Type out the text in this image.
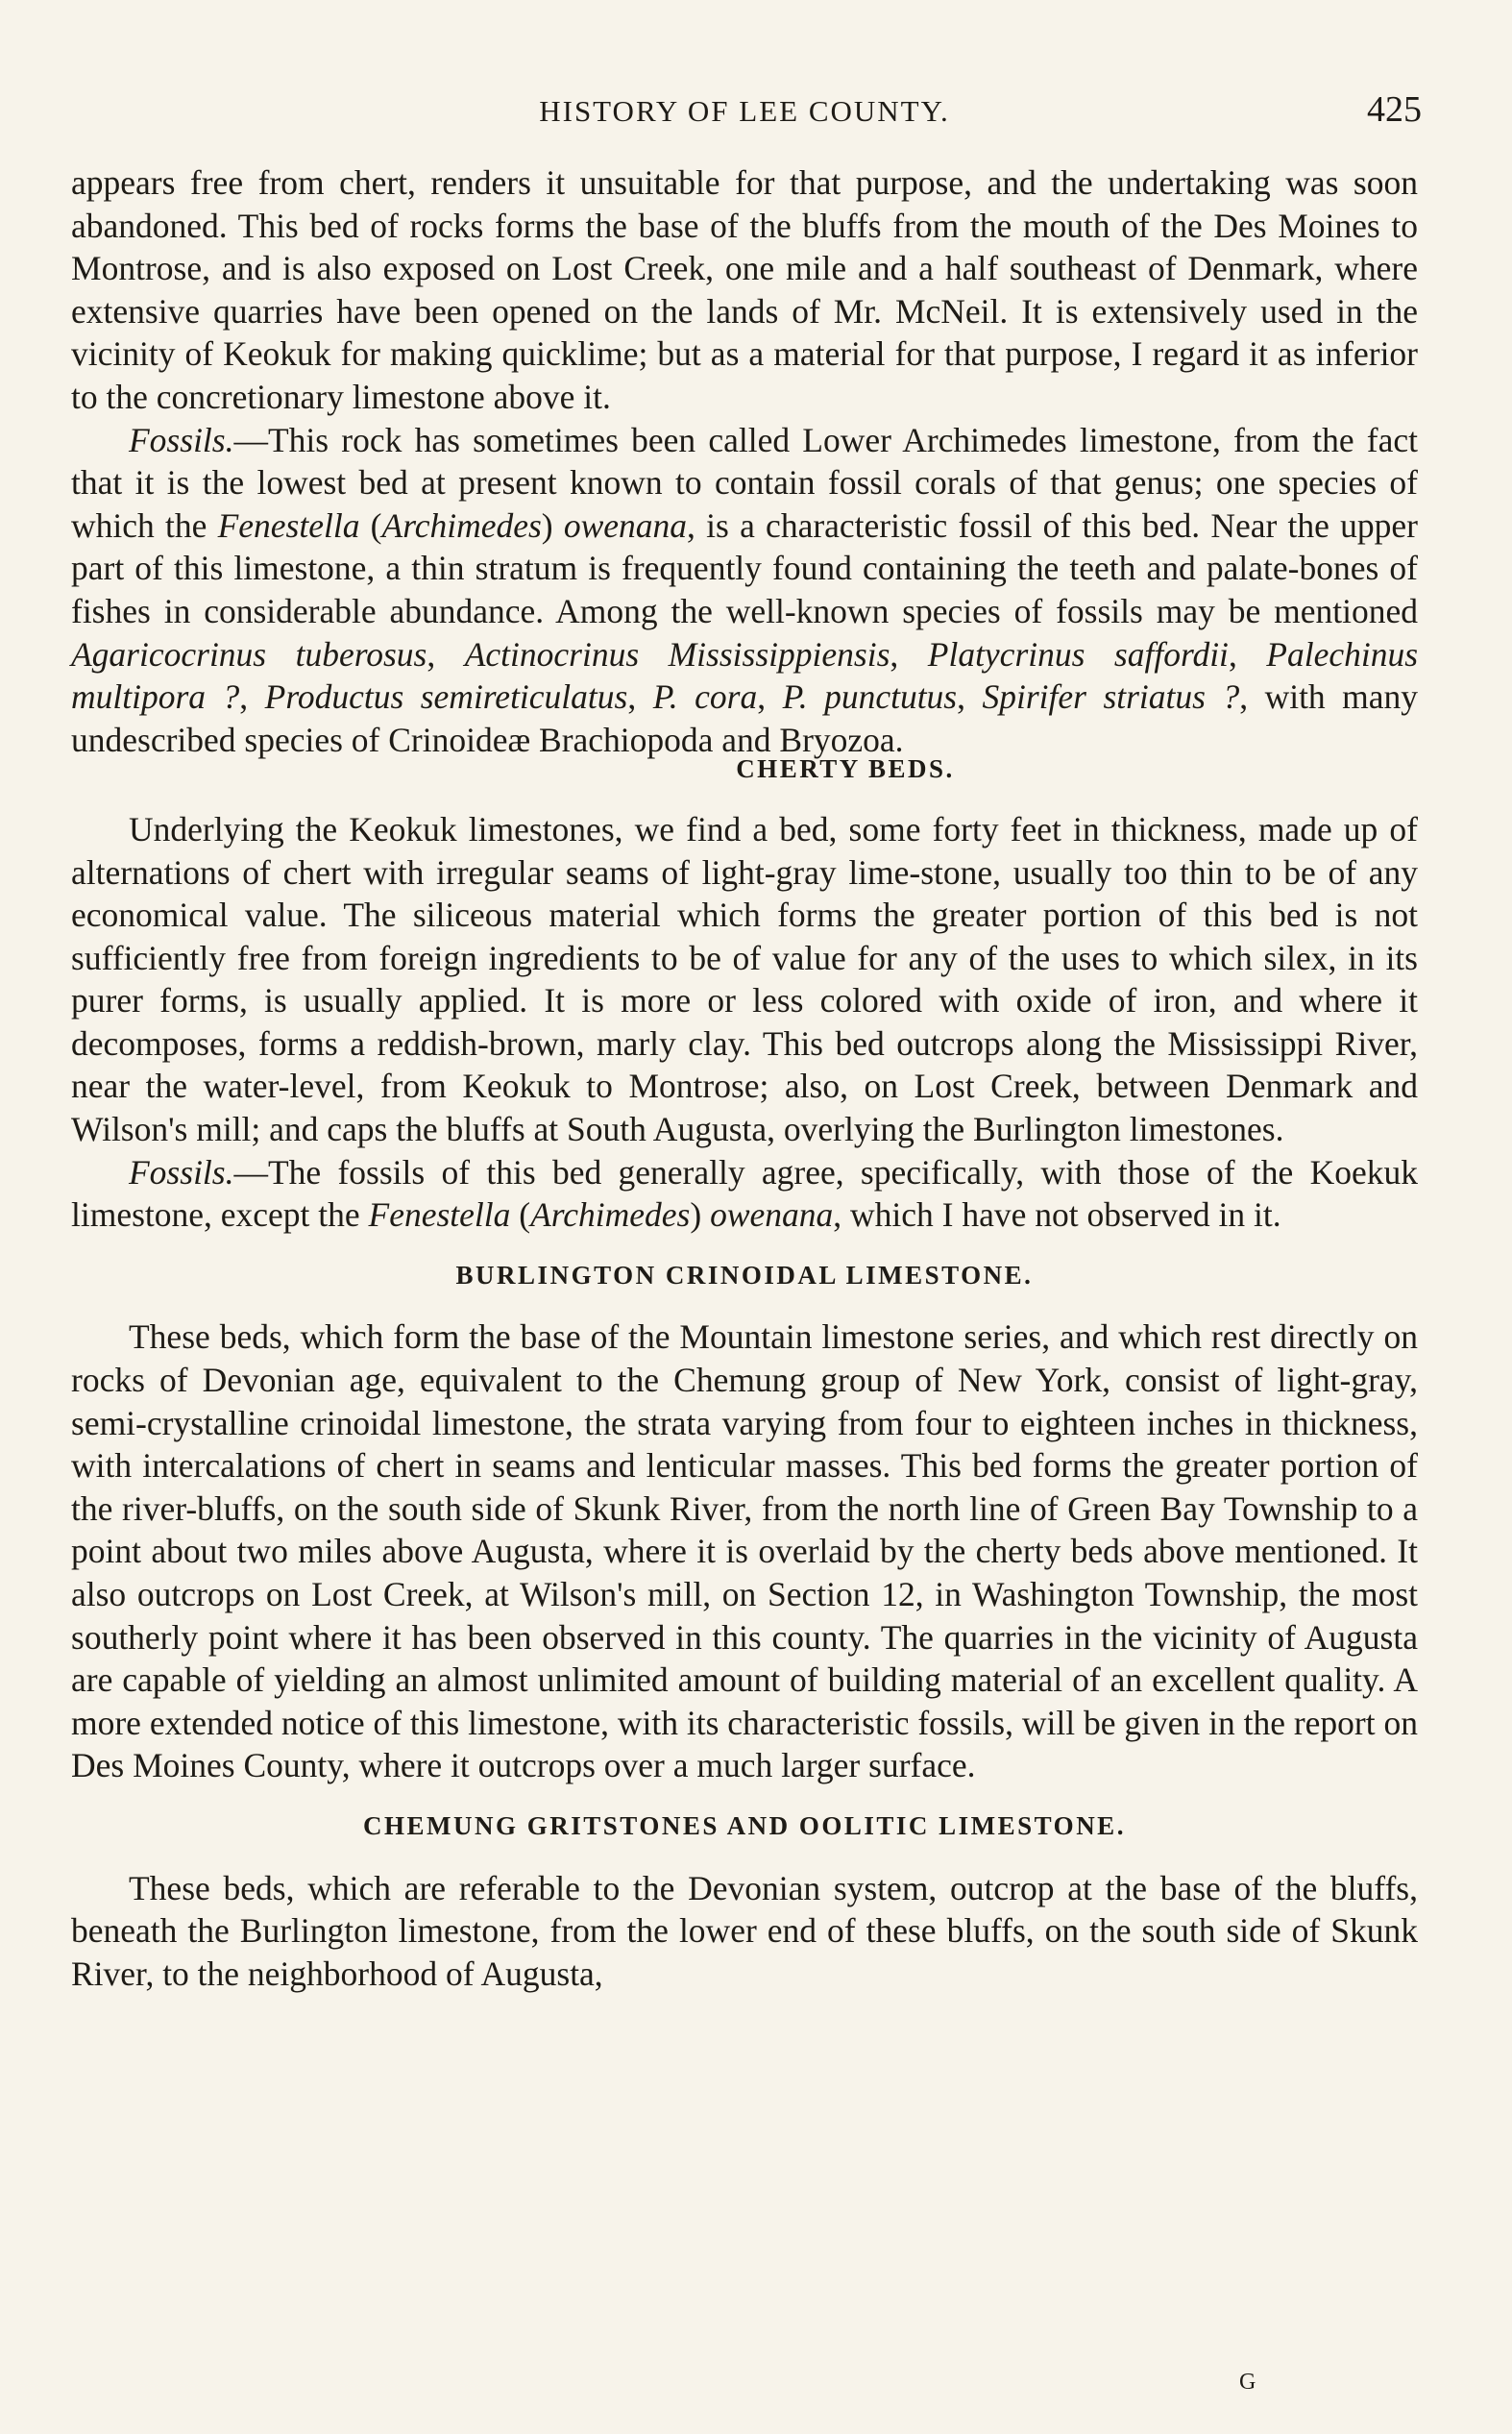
HISTORY OF LEE COUNTY.	425

appears free from chert, renders it unsuitable for that purpose, and the undertaking was soon abandoned. This bed of rocks forms the base of the bluffs from the mouth of the Des Moines to Montrose, and is also exposed on Lost Creek, one mile and a half southeast of Denmark, where extensive quarries have been opened on the lands of Mr. McNeil. It is extensively used in the vicinity of Keokuk for making quicklime; but as a material for that purpose, I regard it as inferior to the concretionary limestone above it.

Fossils.—This rock has sometimes been called Lower Archimedes limestone, from the fact that it is the lowest bed at present known to contain fossil corals of that genus; one species of which the Fenestella (Archimedes) owenana, is a characteristic fossil of this bed. Near the upper part of this limestone, a thin stratum is frequently found containing the teeth and palate-bones of fishes in considerable abundance. Among the well-known species of fossils may be mentioned Agaricocrinus tuberosus, Actinocrinus Mississippiensis, Platycrinus saffordii, Palechinus multipora ?, Productus semireticulatus, P. cora, P. punctutus, Spirifer striatus ?, with many undescribed species of Crinoideæ Brachiopoda and Bryozoa.

CHERTY BEDS.

Underlying the Keokuk limestones, we find a bed, some forty feet in thickness, made up of alternations of chert with irregular seams of light-gray lime-stone, usually too thin to be of any economical value. The siliceous material which forms the greater portion of this bed is not sufficiently free from foreign ingredients to be of value for any of the uses to which silex, in its purer forms, is usually applied. It is more or less colored with oxide of iron, and where it decomposes, forms a reddish-brown, marly clay. This bed outcrops along the Mississippi River, near the water-level, from Keokuk to Montrose; also, on Lost Creek, between Denmark and Wilson's mill; and caps the bluffs at South Augusta, overlying the Burlington limestones.

Fossils.—The fossils of this bed generally agree, specifically, with those of the Koekuk limestone, except the Fenestella (Archimedes) owenana, which I have not observed in it.

BURLINGTON CRINOIDAL LIMESTONE.

These beds, which form the base of the Mountain limestone series, and which rest directly on rocks of Devonian age, equivalent to the Chemung group of New York, consist of light-gray, semi-crystalline crinoidal limestone, the strata varying from four to eighteen inches in thickness, with intercalations of chert in seams and lenticular masses. This bed forms the greater portion of the river-bluffs, on the south side of Skunk River, from the north line of Green Bay Township to a point about two miles above Augusta, where it is overlaid by the cherty beds above mentioned. It also outcrops on Lost Creek, at Wilson's mill, on Section 12, in Washington Township, the most southerly point where it has been observed in this county. The quarries in the vicinity of Augusta are capable of yielding an almost unlimited amount of building material of an excellent quality. A more extended notice of this limestone, with its characteristic fossils, will be given in the report on Des Moines County, where it outcrops over a much larger surface.

CHEMUNG GRITSTONES AND OOLITIC LIMESTONE.

These beds, which are referable to the Devonian system, outcrop at the base of the bluffs, beneath the Burlington limestone, from the lower end of these bluffs, on the south side of Skunk River, to the neighborhood of Augusta,

G
